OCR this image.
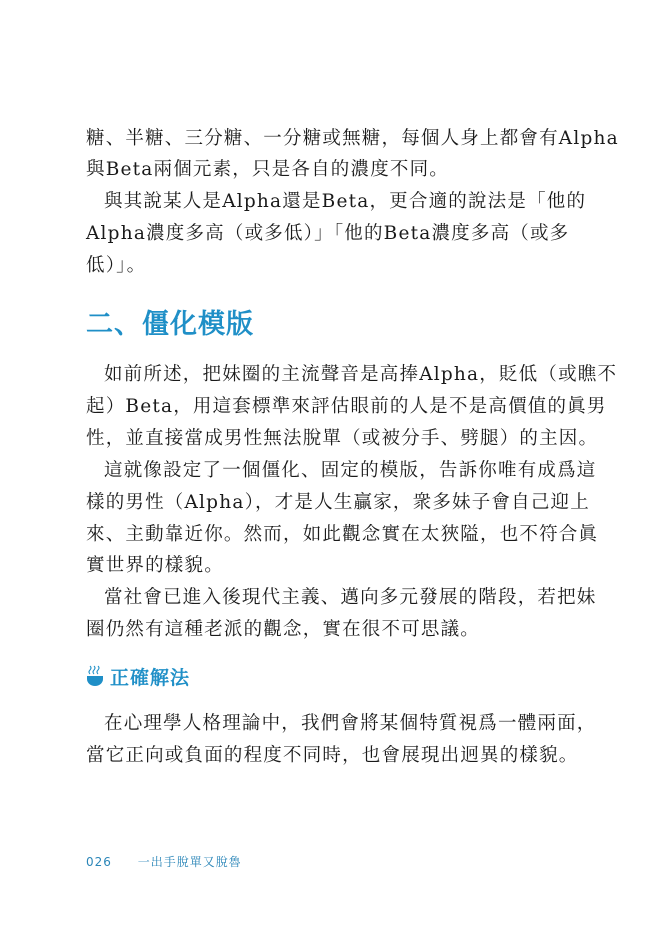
糖、半糖、三分糖、一分糖或無糖，每個人身上都會有Alpha
與Beta兩個元素，只是各自的濃度不同。
與其說某人是Alpha還是Beta，更合適的說法是「他的
Alpha濃度多高（或多低）」「他的Beta濃度多高（或多
低）」。
二、僵化模版
如前所述，把妹圈的主流聲音是高捧Alpha，貶低（或瞧不
起）Beta，用這套標準來評估眼前的人是不是高價值的眞男
性，並直接當成男性無法脫單（或被分手、劈腿）的主因。
這就像設定了一個僵化、固定的模版，告訴你唯有成爲這
樣的男性（Alpha），才是人生贏家，衆多妹子會自己迎上
來、主動靠近你。然而，如此觀念實在太狹隘，也不符合眞
實世界的樣貌。
當社會已進入後現代主義、邁向多元發展的階段，若把妹
圈仍然有這種老派的觀念，實在很不可思議。
正確解法
在心理學人格理論中，我們會將某個特質視爲一體兩面，
當它正向或負面的程度不同時，也會展現出迥異的樣貌。
026 一出手脫單又脫魯
